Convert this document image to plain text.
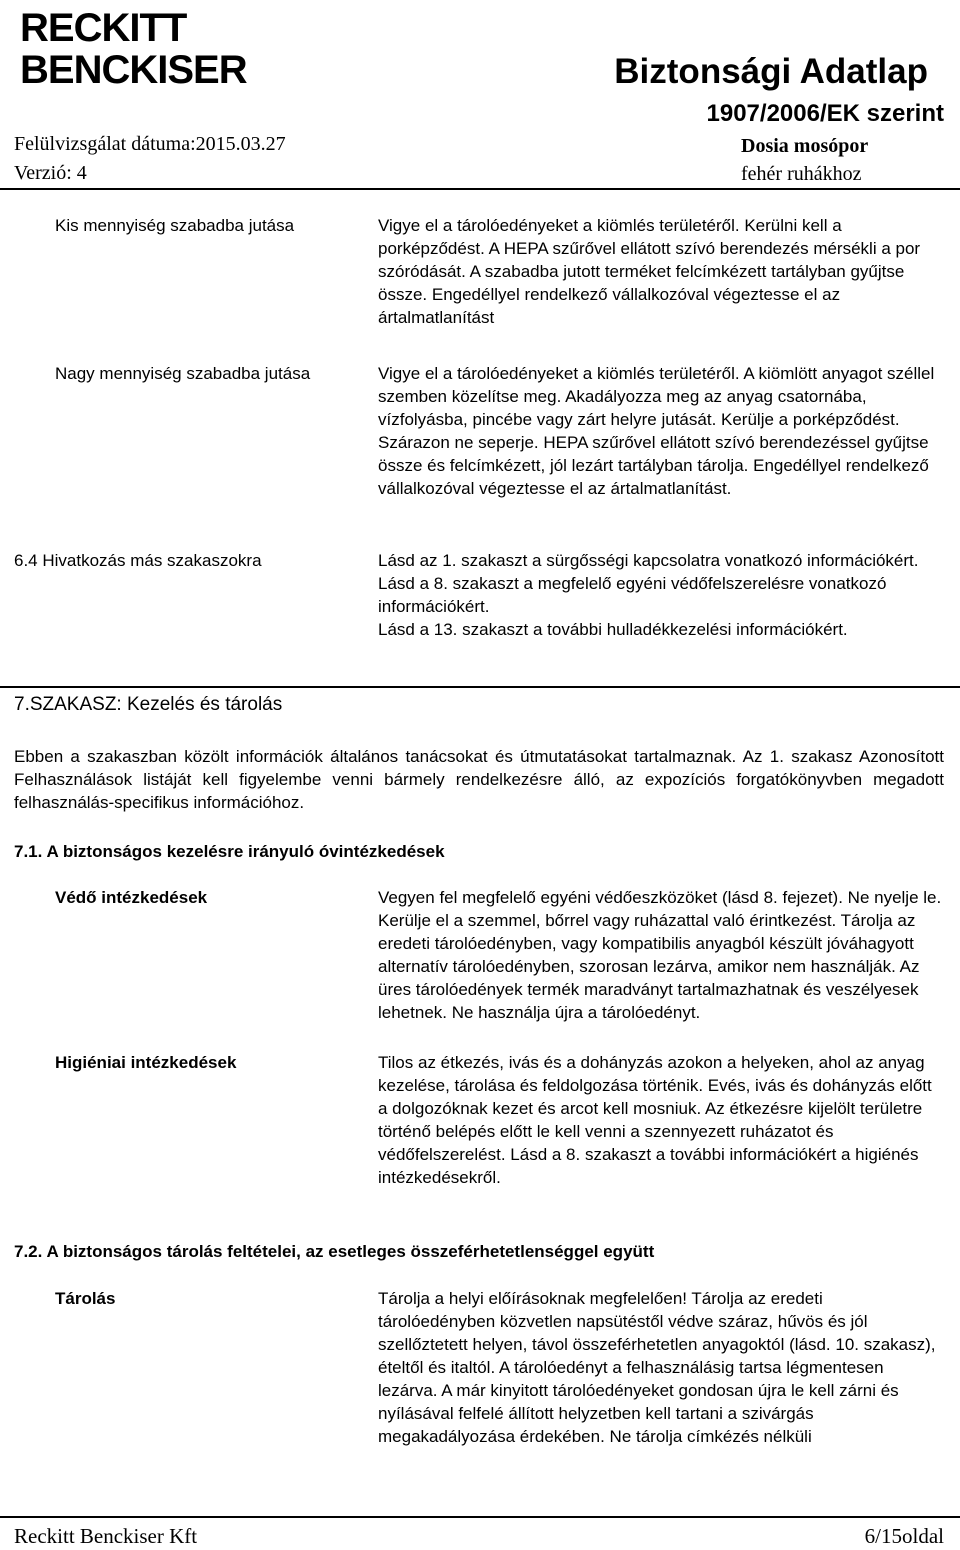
RECKITT
BENCKISER
Felülvizsgálat dátuma:2015.03.27
Verzió: 4
Biztonsági Adatlap
1907/2006/EK szerint
Dosia mosópor
fehér ruhákhoz
Kis mennyiség szabadba jutása	Vigye el a tárolóedényeket a kiömlés területéről. Kerülni kell a porképződést. A HEPA szűrővel ellátott szívó berendezés mérsékli a por szóródását. A szabadba jutott terméket felcímkézett tartályban gyűjtse össze. Engedéllyel rendelkező vállalkozóval végeztesse el az ártalmatlanítást
Nagy mennyiség szabadba jutása	Vigye el a tárolóedényeket a kiömlés területéről. A kiömlött anyagot széllel szemben közelítse meg. Akadályozza meg az anyag csatornába, vízfolyásba, pincébe vagy zárt helyre jutását. Kerülje a porképződést. Szárazon ne seperje. HEPA szűrővel ellátott szívó berendezéssel gyűjtse össze és felcímkézett, jól lezárt tartályban tárolja. Engedéllyel rendelkező vállalkozóval végeztesse el az ártalmatlanítást.
6.4 Hivatkozás más szakaszokra	Lásd az 1. szakaszt a sürgősségi kapcsolatra vonatkozó információkért.
Lásd a 8. szakaszt a megfelelő egyéni védőfelszerelésre vonatkozó információkért.
Lásd a 13. szakaszt a további hulladékkezelési információkért.
7.SZAKASZ: Kezelés és tárolás
Ebben a szakaszban közölt információk általános tanácsokat és útmutatásokat tartalmaznak. Az 1. szakasz Azonosított Felhasználások listáját kell figyelembe venni bármely rendelkezésre álló, az expozíciós forgatókönyvben megadott felhasználás-specifikus információhoz.
7.1. A biztonságos kezelésre irányuló óvintézkedések
Védő intézkedések	Vegyen fel megfelelő egyéni védőeszközöket (lásd 8. fejezet). Ne nyelje le. Kerülje el a szemmel, bőrrel vagy ruházattal való érintkezést. Tárolja az eredeti tárolóedényben, vagy kompatibilis anyagból készült jóváhagyott alternatív tárolóedényben, szorosan lezárva, amikor nem használják. Az üres tárolóedények termék maradványt tartalmazhatnak és veszélyesek lehetnek. Ne használja újra a tárolóedényt.
Higiéniai intézkedések	Tilos az étkezés, ivás és a dohányzás azokon a helyeken, ahol az anyag kezelése, tárolása és feldolgozása történik. Evés, ivás és dohányzás előtt a dolgozóknak kezet és arcot kell mosniuk. Az étkezésre kijelölt területre történő belépés előtt le kell venni a szennyezett ruházatot és védőfelszerelést. Lásd a 8. szakaszt a további információkért a higiénés intézkedésekről.
7.2. A biztonságos tárolás feltételei, az esetleges összeférhetetlenséggel együtt
Tárolás	Tárolja a helyi előírásoknak megfelelően! Tárolja az eredeti tárolóedényben közvetlen napsütéstől védve száraz, hűvös és jól szellőztetett helyen, távol összeférhetetlen anyagoktól (lásd. 10. szakasz), ételtől és italtól. A tárolóedényt a felhasználásig tartsa légmentesen lezárva. A már kinyitott tárolóedényeket gondosan újra le kell zárni és nyílásával felfelé állított helyzetben kell tartani a szivárgás megakadályozása érdekében. Ne tárolja címkézés nélküli
Reckitt Benckiser Kft	6/15oldal
